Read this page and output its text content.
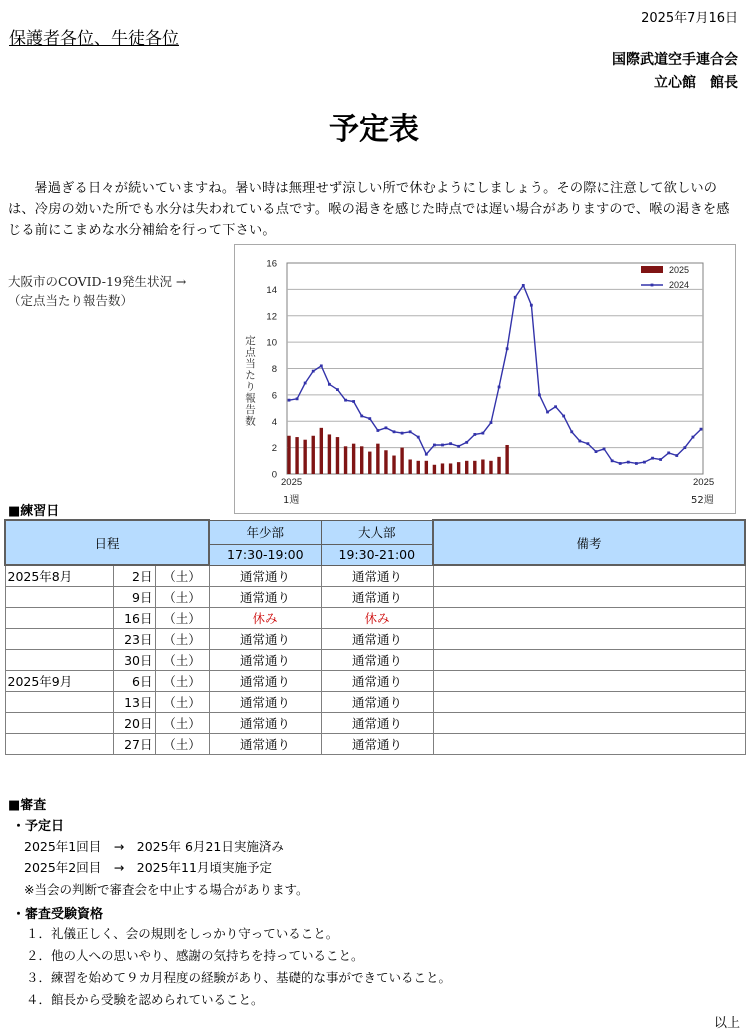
2025年7月16日
保護者各位、牛徒各位
国際武道空手連合会
立心館　館長
予定表
暑過ぎる日々が続いていますね。暑い時は無理せず涼しい所で休むようにしましょう。その際に注意して欲しいのは、冷房の効いた所でも水分は失われている点です。喉の渇きを感じた時点では遅い場合がありますので、喉の渇きを感じる前にこまめな水分補給を行って下さい。
大阪市のCOVID-19発生状況 →
（定点当たり報告数）
0
2
4
6
8
10
12
14
16
定点当たり報告数
2025
1週
2025
52週
2025
2024
■練習日
日程			年少部	大人部	備考
			17:30-19:00	19:30-21:00	
2025年8月	2日	（土）	通常通り	通常通り	
	9日	（土）	通常通り	通常通り	
	16日	（土）	休み	休み	
	23日	（土）	通常通り	通常通り	
	30日	（土）	通常通り	通常通り	
2025年9月	6日	（土）	通常通り	通常通り	
	13日	（土）	通常通り	通常通り	
	20日	（土）	通常通り	通常通り	
	27日	（土）	通常通り	通常通り	
■審査
・予定日
2025年1回目　→　2025年 6月21日実施済み
2025年2回目　→　2025年11月頃実施予定
※当会の判断で審査会を中止する場合があります。
・審査受験資格
１．礼儀正しく、会の規則をしっかり守っていること。
２．他の人への思いやり、感謝の気持ちを持っていること。
３．練習を始めて９カ月程度の経験があり、基礎的な事ができていること。
４．館長から受験を認められていること。
以上
